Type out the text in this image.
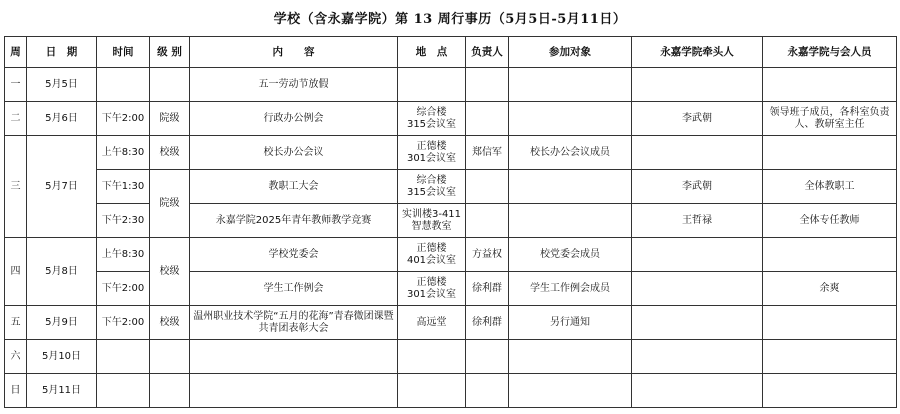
学校（含永嘉学院）第 13 周行事历（5月5日-5月11日）
周	日　期	时间	级 别	内　　容	地　点	负责人	参加对象	永嘉学院牵头人	永嘉学院与会人员
一	5月5日			五一劳动节放假					
二	5月6日	下午2:00	院级	行政办公例会	综合楼
315会议室			李武朝	领导班子成员，各科室负责人、教研室主任
三	5月7日	上午8:30	校级	校长办公会议	正德楼
301会议室	郑信军	校长办公会议成员		
		下午1:30	院级	教职工大会	综合楼
315会议室			李武朝	全体教职工
		下午2:30		永嘉学院2025年青年教师教学竞赛	实训楼3-411
智慧教室			王哲禄	全体专任教师
四	5月8日	上午8:30	校级	学校党委会	正德楼
401会议室	方益权	校党委会成员		
		下午2:00		学生工作例会	正德楼
301会议室	徐利群	学生工作例会成员		余爽
五	5月9日	下午2:00	校级	温州职业技术学院“五月的花海”青春微团课暨共青团表彰大会	高远堂	徐利群	另行通知		
六	5月10日								
日	5月11日								
